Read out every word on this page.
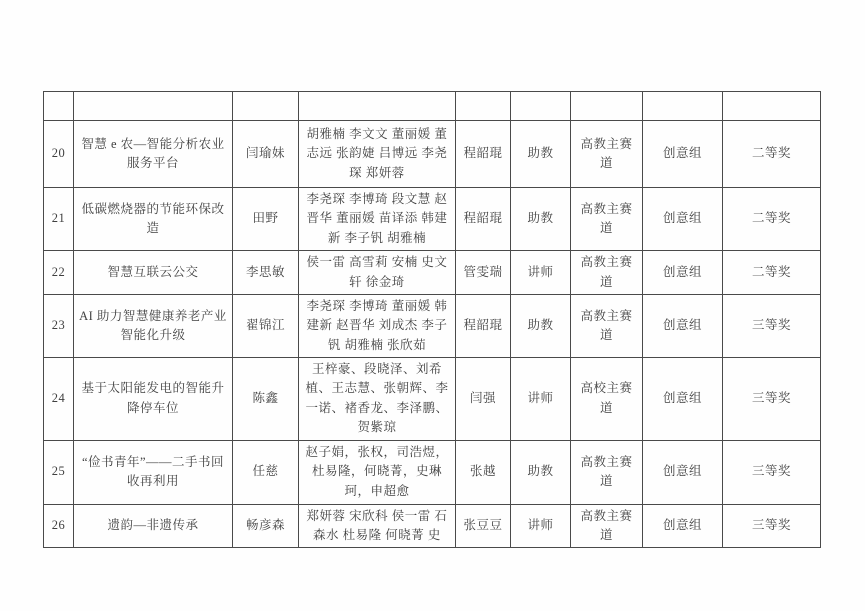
20	智慧 e 农—智能分析农业服务平台	闫瑜妹	胡雅楠 李文文 董丽媛 董志远 张韵婕 吕博远 李尧琛 郑妍蓉	程韶琨	助教	高教主赛道	创意组	二等奖
21	低碳燃烧器的节能环保改造	田野	李尧琛 李博琦 段文慧 赵晋华 董丽媛 苗译添 韩建新 李子钒 胡雅楠	程韶琨	助教	高教主赛道	创意组	二等奖
22	智慧互联云公交	李思敏	侯一雷 高雪莉 安楠 史文轩 徐金琦	管雯瑞	讲师	高教主赛道	创意组	二等奖
23	AI 助力智慧健康养老产业智能化升级	翟锦江	李尧琛 李博琦 董丽媛 韩建新 赵晋华 刘成杰 李子钒 胡雅楠 张欣茹	程韶琨	助教	高教主赛道	创意组	三等奖
24	基于太阳能发电的智能升降停车位	陈鑫	王梓豪、段晓泽、刘希植、王志慧、张朝辉、李一诺、褚香龙、李泽鹏、贺紫琼	闫强	讲师	高校主赛道	创意组	三等奖
25	“俭书青年”——二手书回收再利用	任慈	赵子娟，张权，司浩煜，杜易隆，何晓菁，史琳珂，申超愈	张越	助教	高教主赛道	创意组	三等奖
26	遗韵—非遗传承	畅彦森	郑妍蓉 宋欣科 侯一雷 石森水 杜易隆 何晓菁 史	张豆豆	讲师	高教主赛道	创意组	三等奖
